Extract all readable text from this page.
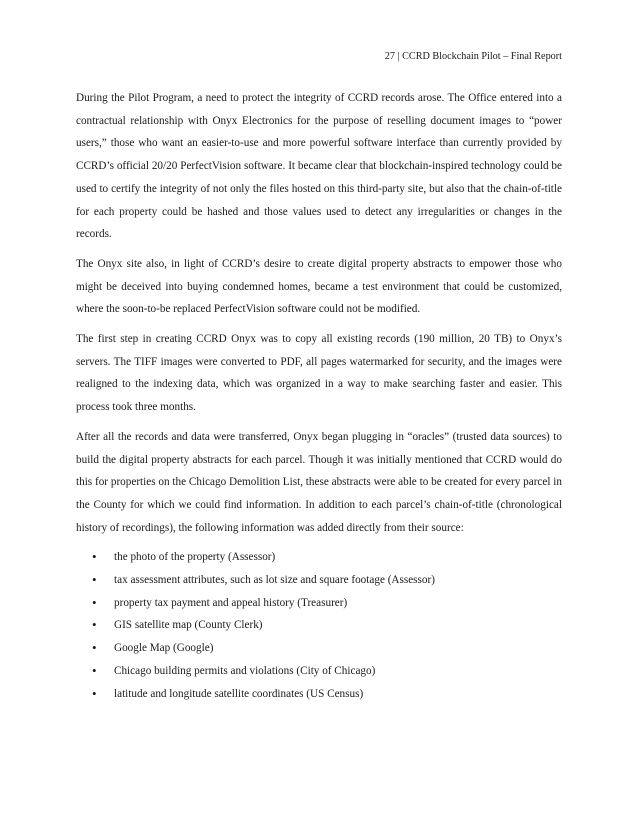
27 | CCRD Blockchain Pilot – Final Report

During the Pilot Program, a need to protect the integrity of CCRD records arose. The Office entered into a contractual relationship with Onyx Electronics for the purpose of reselling document images to “power users,” those who want an easier-to-use and more powerful software interface than currently provided by CCRD’s official 20/20 PerfectVision software. It became clear that blockchain-inspired technology could be used to certify the integrity of not only the files hosted on this third-party site, but also that the chain-of-title for each property could be hashed and those values used to detect any irregularities or changes in the records.

The Onyx site also, in light of CCRD’s desire to create digital property abstracts to empower those who might be deceived into buying condemned homes, became a test environment that could be customized, where the soon-to-be replaced PerfectVision software could not be modified.

The first step in creating CCRD Onyx was to copy all existing records (190 million, 20 TB) to Onyx’s servers. The TIFF images were converted to PDF, all pages watermarked for security, and the images were realigned to the indexing data, which was organized in a way to make searching faster and easier. This process took three months.

After all the records and data were transferred, Onyx began plugging in “oracles” (trusted data sources) to build the digital property abstracts for each parcel. Though it was initially mentioned that CCRD would do this for properties on the Chicago Demolition List, these abstracts were able to be created for every parcel in the County for which we could find information. In addition to each parcel’s chain-of-title (chronological history of recordings), the following information was added directly from their source:

• the photo of the property (Assessor)
• tax assessment attributes, such as lot size and square footage (Assessor)
• property tax payment and appeal history (Treasurer)
• GIS satellite map (County Clerk)
• Google Map (Google)
• Chicago building permits and violations (City of Chicago)
• latitude and longitude satellite coordinates (US Census)
